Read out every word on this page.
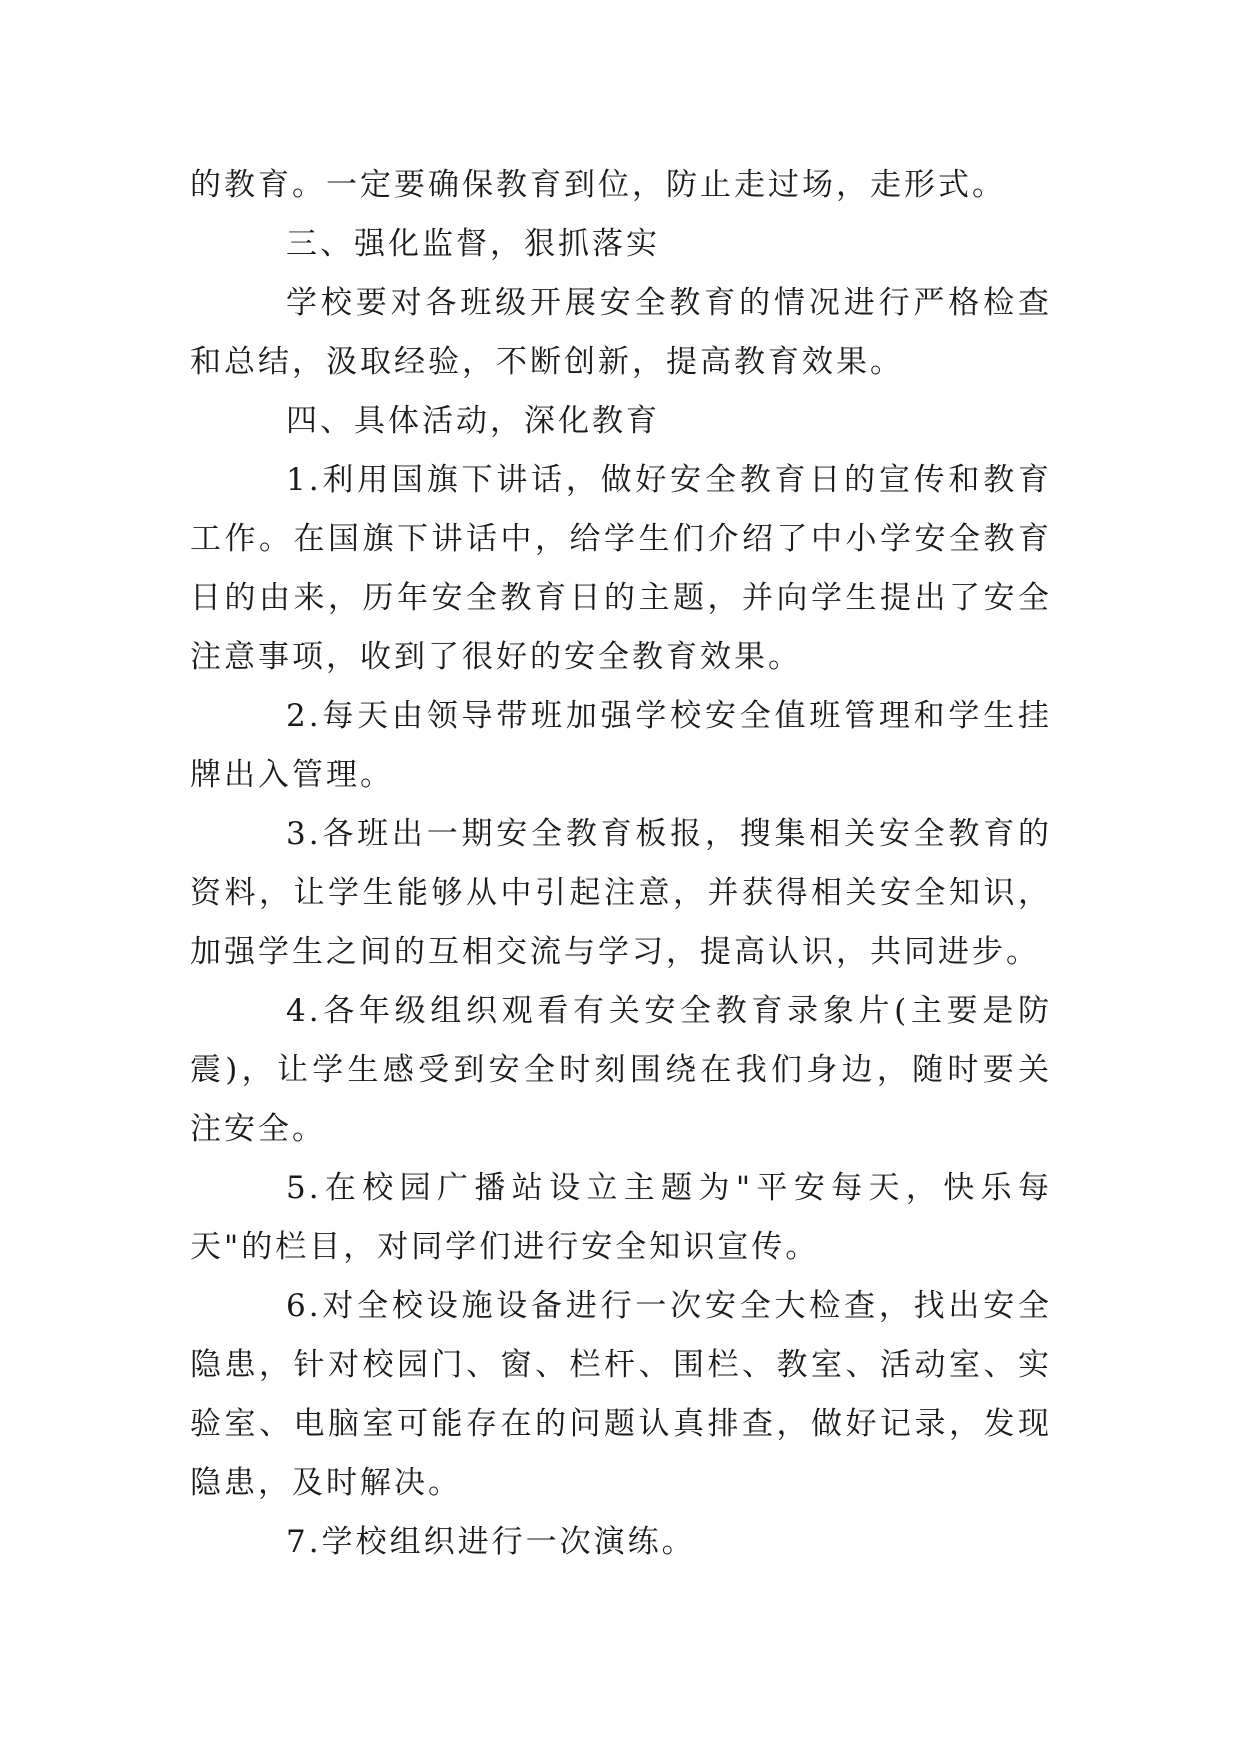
的教育。一定要确保教育到位，防止走过场，走形式。

三、强化监督，狠抓落实

学校要对各班级开展安全教育的情况进行严格检查和总结，汲取经验，不断创新，提高教育效果。

四、具体活动，深化教育

1.利用国旗下讲话，做好安全教育日的宣传和教育工作。在国旗下讲话中，给学生们介绍了中小学安全教育日的由来，历年安全教育日的主题，并向学生提出了安全注意事项，收到了很好的安全教育效果。

2.每天由领导带班加强学校安全值班管理和学生挂牌出入管理。

3.各班出一期安全教育板报，搜集相关安全教育的资料，让学生能够从中引起注意，并获得相关安全知识，加强学生之间的互相交流与学习，提高认识，共同进步。

4.各年级组织观看有关安全教育录象片(主要是防震)，让学生感受到安全时刻围绕在我们身边，随时要关注安全。

5.在校园广播站设立主题为"平安每天，快乐每天"的栏目，对同学们进行安全知识宣传。

6.对全校设施设备进行一次安全大检查，找出安全隐患，针对校园门、窗、栏杆、围栏、教室、活动室、实验室、电脑室可能存在的问题认真排查，做好记录，发现隐患，及时解决。

7.学校组织进行一次演练。
